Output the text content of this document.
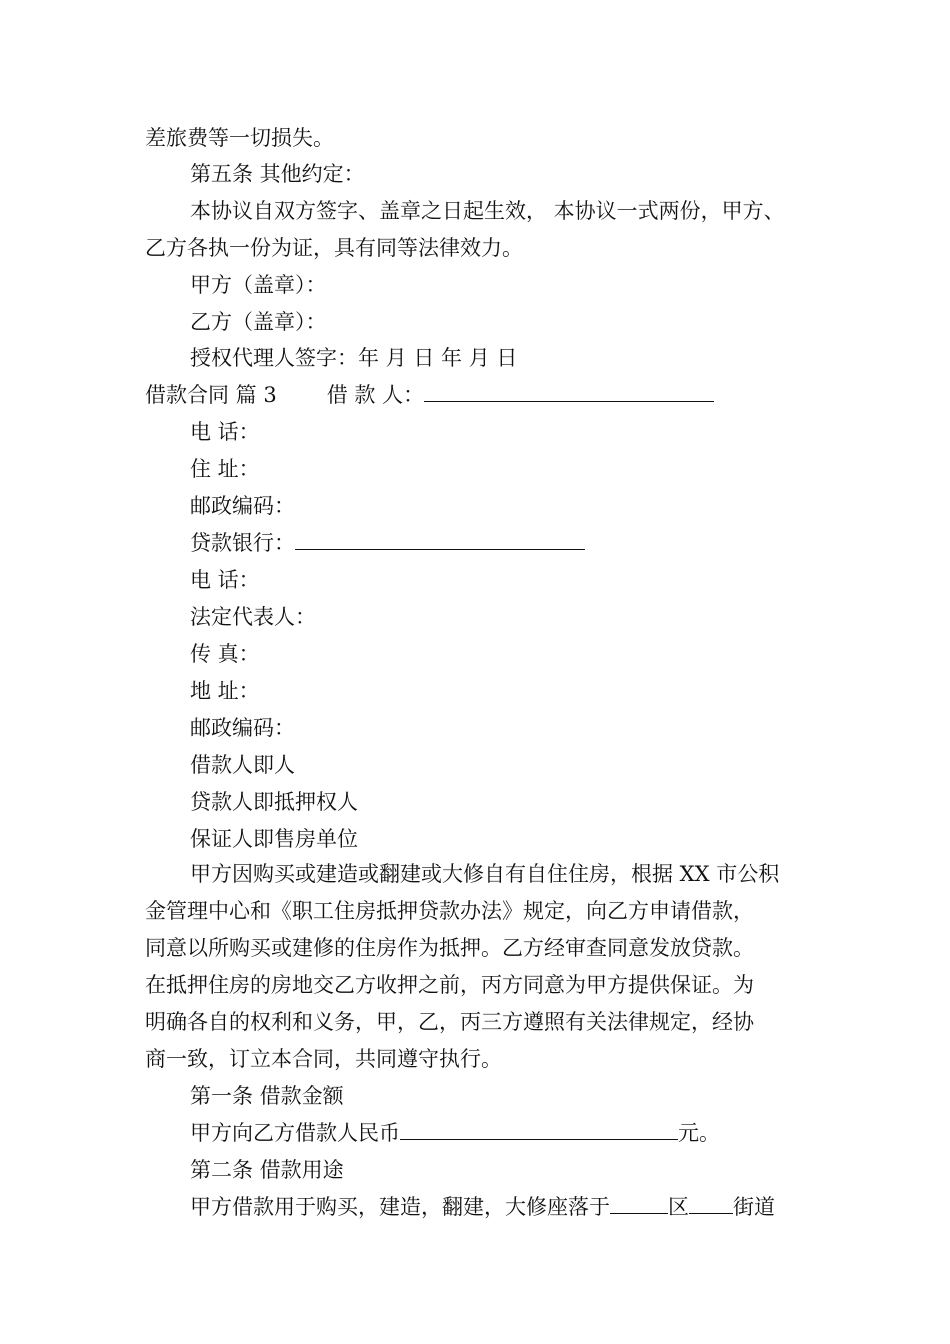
差旅费等一切损失。
第五条 其他约定：
本协议自双方签字、盖章之日起生效， 本协议一式两份，甲方、
乙方各执一份为证，具有同等法律效力。
甲方（盖章）：
乙方（盖章）：
授权代理人签字：年 月 日 年 月 日
借款合同 篇 3 借 款 人：
电 话：
住 址：
邮政编码：
贷款银行：
电 话：
法定代表人：
传 真：
地 址：
邮政编码：
借款人即人
贷款人即抵押权人
保证人即售房单位
甲方因购买或建造或翻建或大修自有自住住房，根据 XX 市公积
金管理中心和《职工住房抵押贷款办法》规定，向乙方申请借款，
同意以所购买或建修的住房作为抵押。乙方经审查同意发放贷款。
在抵押住房的房地交乙方收押之前，丙方同意为甲方提供保证。为
明确各自的权利和义务，甲，乙，丙三方遵照有关法律规定，经协
商一致，订立本合同，共同遵守执行。
第一条 借款金额
甲方向乙方借款人民币	元。
第二条 借款用途
甲方借款用于购买，建造，翻建，大修座落于	区 街道
